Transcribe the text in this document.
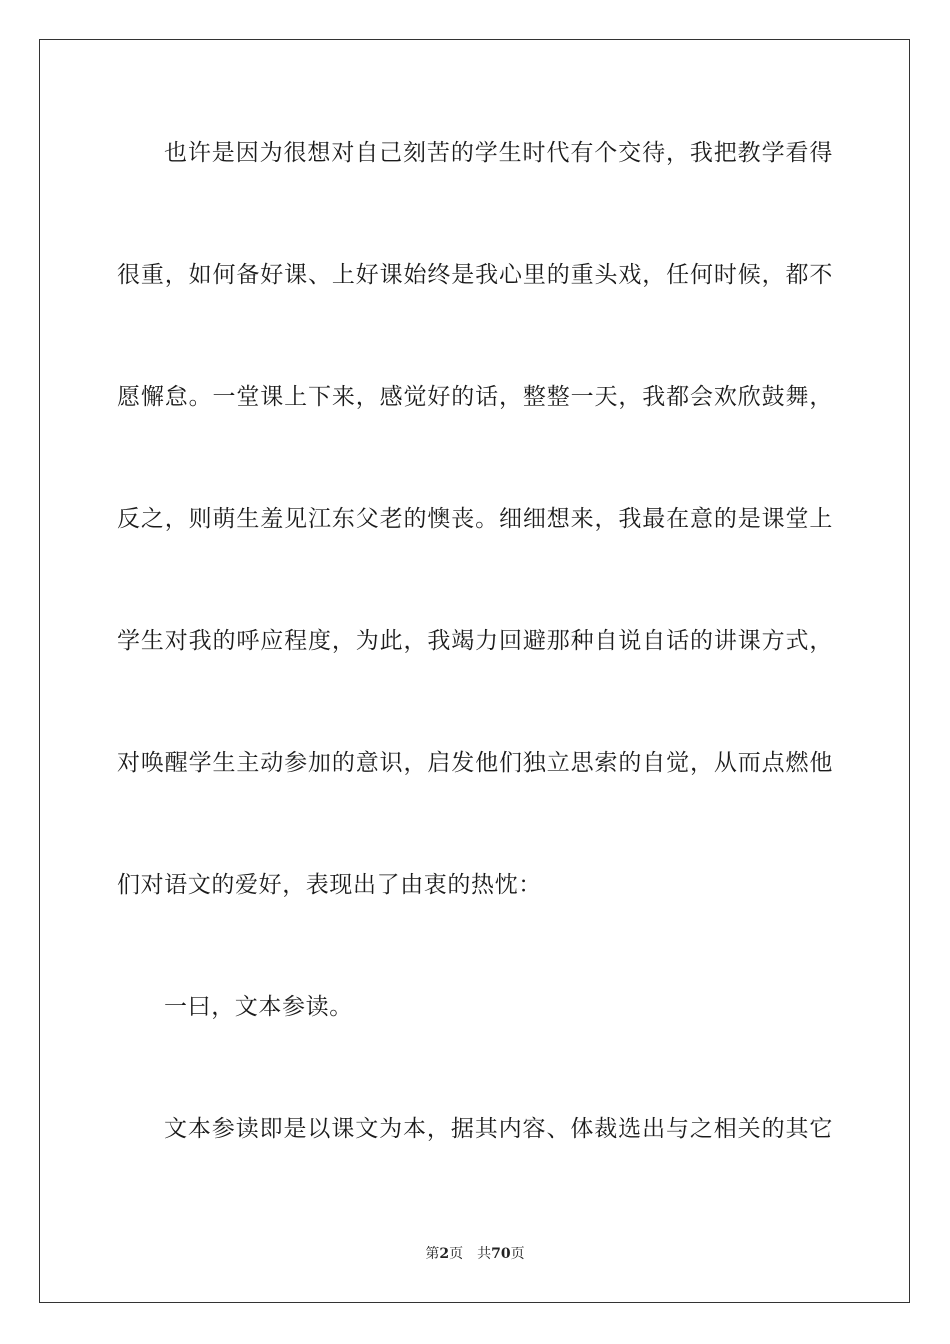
也许是因为很想对自己刻苦的学生时代有个交待，我把教学看得
很重，如何备好课、上好课始终是我心里的重头戏，任何时候，都不
愿懈怠。一堂课上下来，感觉好的话，整整一天，我都会欢欣鼓舞，
反之，则萌生羞见江东父老的懊丧。细细想来，我最在意的是课堂上
学生对我的呼应程度，为此，我竭力回避那种自说自话的讲课方式，
对唤醒学生主动参加的意识，启发他们独立思索的自觉，从而点燃他
们对语文的爱好，表现出了由衷的热忱：
一曰，文本参读。
文本参读即是以课文为本，据其内容、体裁选出与之相关的其它
第2页 共70页
